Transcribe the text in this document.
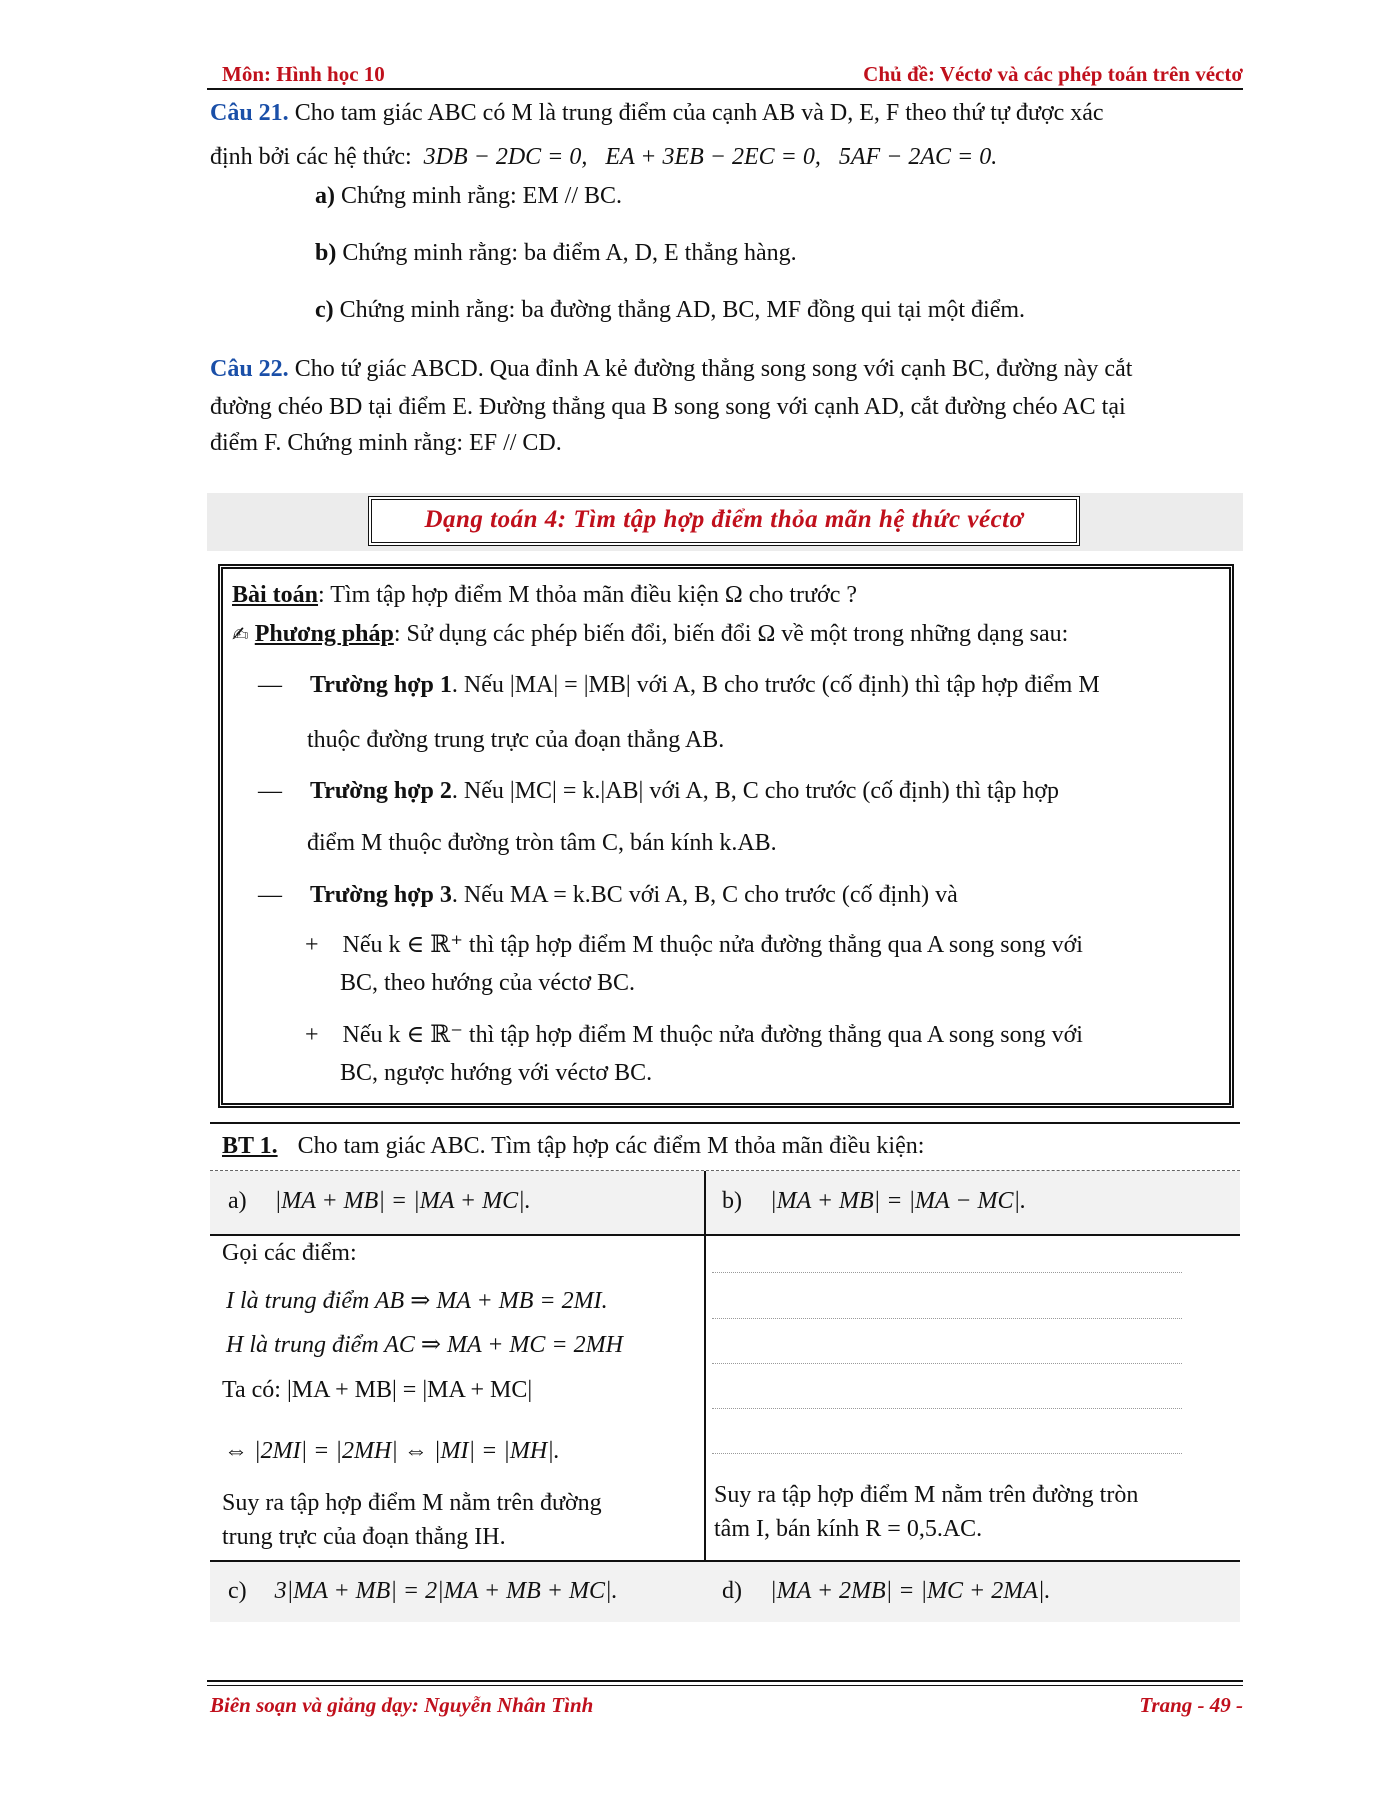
Môn: Hình học 10	Chủ đề: Véctơ và các phép toán trên véctơ
Câu 21. Cho tam giác ABC có M là trung điểm của cạnh AB và D, E, F theo thứ tự được xác
định bởi các hệ thức: 3DB − 2DC = 0, EA + 3EB − 2EC = 0, 5AF − 2AC = 0.
a) Chứng minh rằng: EM // BC.
b) Chứng minh rằng: ba điểm A, D, E thẳng hàng.
c) Chứng minh rằng: ba đường thẳng AD, BC, MF đồng qui tại một điểm.
Câu 22. Cho tứ giác ABCD. Qua đỉnh A kẻ đường thẳng song song với cạnh BC, đường này cắt
đường chéo BD tại điểm E. Đường thẳng qua B song song với cạnh AD, cắt đường chéo AC tại
điểm F. Chứng minh rằng: EF // CD.
Dạng toán 4: Tìm tập hợp điểm thỏa mãn hệ thức véctơ
Bài toán: Tìm tập hợp điểm M thỏa mãn điều kiện Ω cho trước ?
✍ Phương pháp: Sử dụng các phép biến đổi, biến đổi Ω về một trong những dạng sau:
— Trường hợp 1. Nếu |MA| = |MB| với A, B cho trước (cố định) thì tập hợp điểm M
thuộc đường trung trực của đoạn thẳng AB.
— Trường hợp 2. Nếu |MC| = k.|AB| với A, B, C cho trước (cố định) thì tập hợp
điểm M thuộc đường tròn tâm C, bán kính k.AB.
— Trường hợp 3. Nếu MA = k.BC với A, B, C cho trước (cố định) và
+ Nếu k ∈ ℝ⁺ thì tập hợp điểm M thuộc nửa đường thẳng qua A song song với
BC, theo hướng của véctơ BC.
+ Nếu k ∈ ℝ⁻ thì tập hợp điểm M thuộc nửa đường thẳng qua A song song với
BC, ngược hướng với véctơ BC.
BT 1. Cho tam giác ABC. Tìm tập hợp các điểm M thỏa mãn điều kiện:
a) |MA + MB| = |MA + MC|.	b) |MA + MB| = |MA − MC|.
Gọi các điểm:
I là trung điểm AB ⇒ MA + MB = 2MI.
H là trung điểm AC ⇒ MA + MC = 2MH
Ta có: |MA + MB| = |MA + MC|
⇔ |2MI| = |2MH| ⇔ |MI| = |MH|.
Suy ra tập hợp điểm M nằm trên đường
trung trực của đoạn thẳng IH.
Suy ra tập hợp điểm M nằm trên đường tròn
tâm I, bán kính R = 0,5.AC.
c) 3|MA + MB| = 2|MA + MB + MC|.	d) |MA + 2MB| = |MC + 2MA|.
Biên soạn và giảng dạy: Nguyễn Nhân Tình	Trang - 49 -
